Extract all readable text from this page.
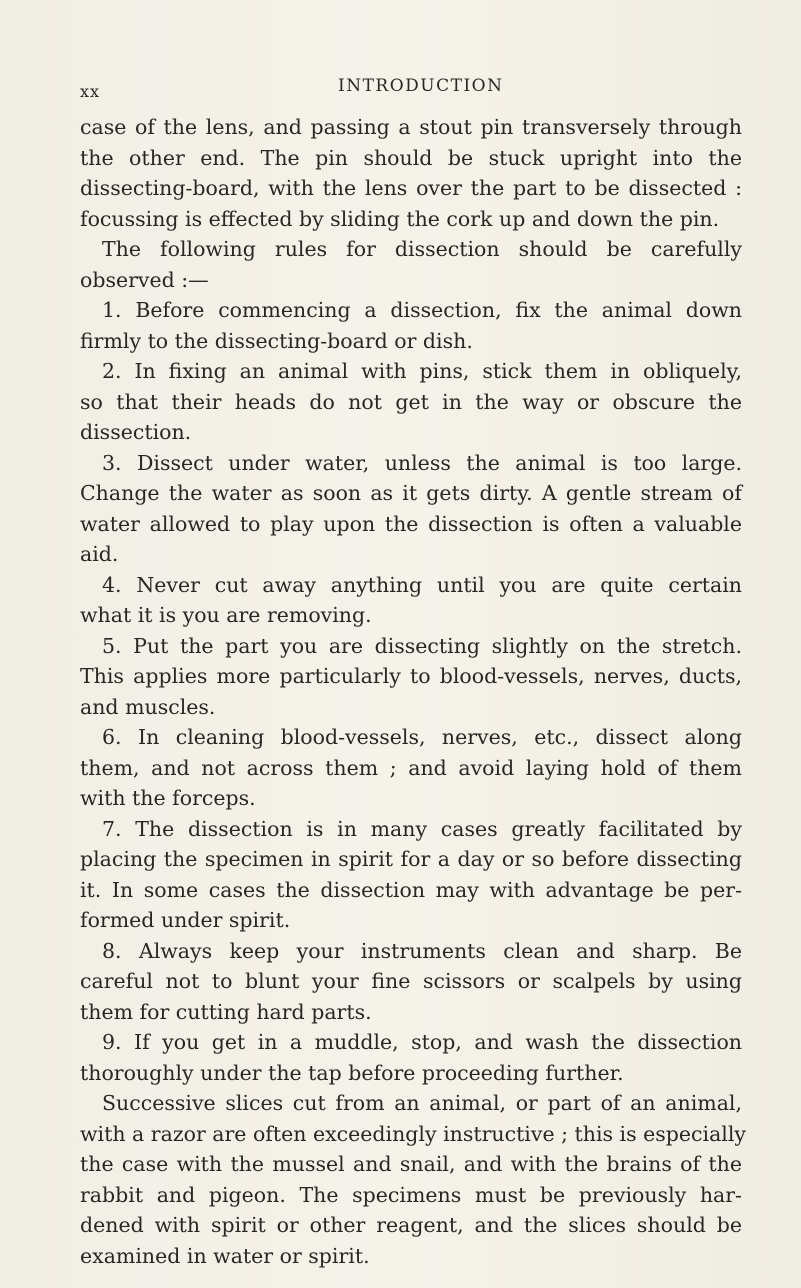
xx	INTRODUCTION
case of the lens, and passing a stout pin transversely through
the other end. The pin should be stuck upright into the
dissecting-board, with the lens over the part to be dissected :
focussing is effected by sliding the cork up and down the pin.
The following rules for dissection should be carefully
observed :—
1. Before commencing a dissection, fix the animal down
firmly to the dissecting-board or dish.
2. In fixing an animal with pins, stick them in obliquely,
so that their heads do not get in the way or obscure the
dissection.
3. Dissect under water, unless the animal is too large.
Change the water as soon as it gets dirty. A gentle stream of
water allowed to play upon the dissection is often a valuable
aid.
4. Never cut away anything until you are quite certain
what it is you are removing.
5. Put the part you are dissecting slightly on the stretch.
This applies more particularly to blood-vessels, nerves, ducts,
and muscles.
6. In cleaning blood-vessels, nerves, etc., dissect along
them, and not across them ; and avoid laying hold of them
with the forceps.
7. The dissection is in many cases greatly facilitated by
placing the specimen in spirit for a day or so before dissecting
it. In some cases the dissection may with advantage be per-
formed under spirit.
8. Always keep your instruments clean and sharp. Be
careful not to blunt your fine scissors or scalpels by using
them for cutting hard parts.
9. If you get in a muddle, stop, and wash the dissection
thoroughly under the tap before proceeding further.
Successive slices cut from an animal, or part of an animal,
with a razor are often exceedingly instructive ; this is especially
the case with the mussel and snail, and with the brains of the
rabbit and pigeon. The specimens must be previously har-
dened with spirit or other reagent, and the slices should be
examined in water or spirit.
